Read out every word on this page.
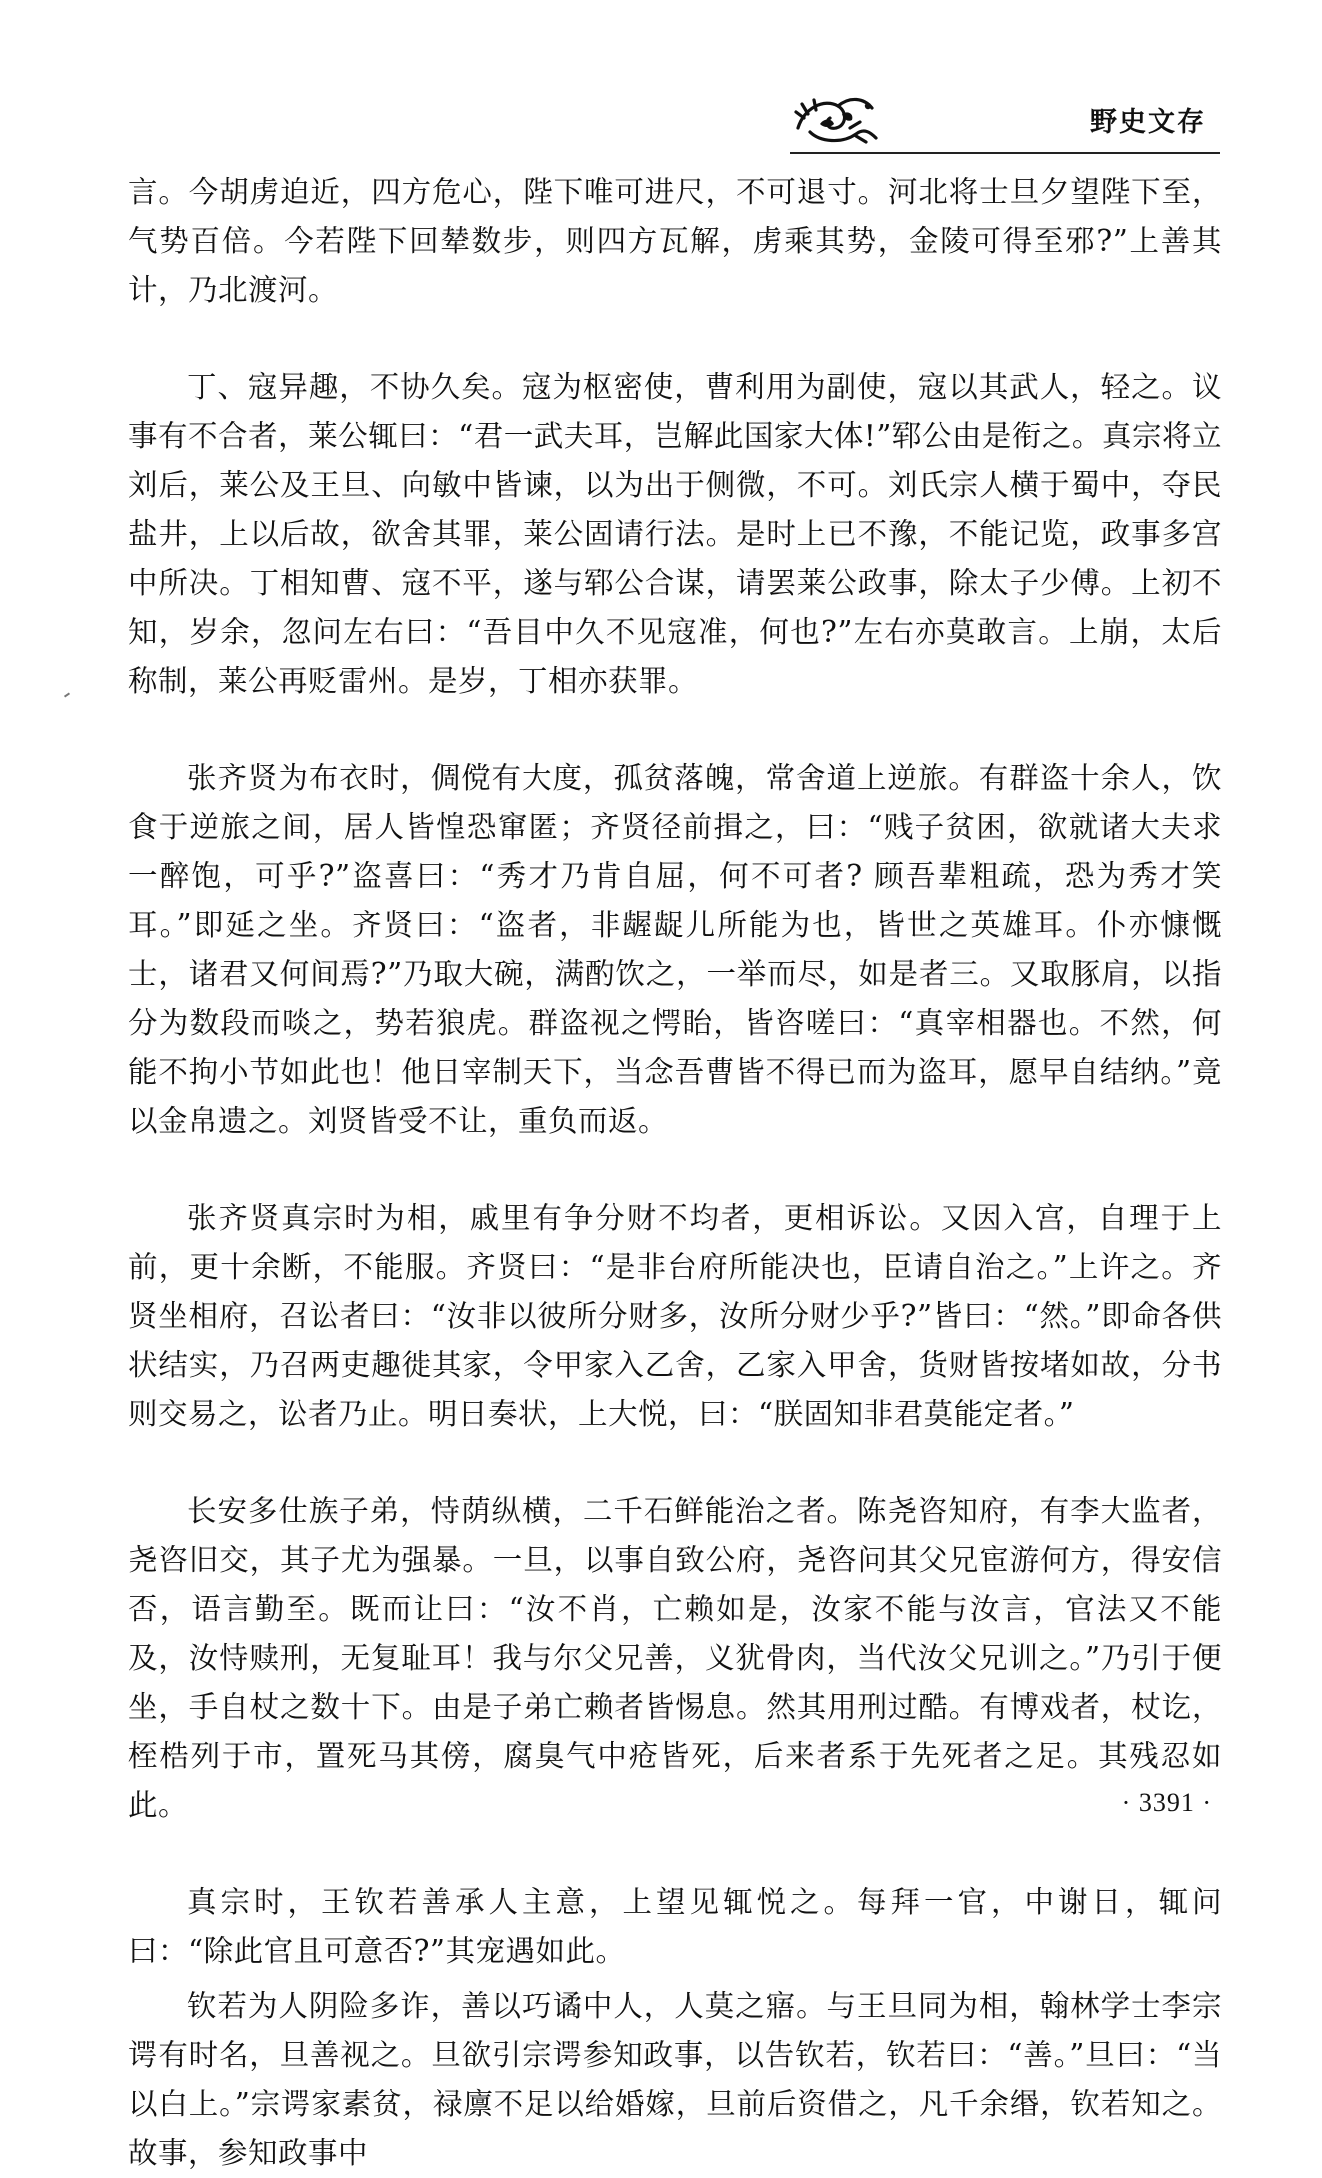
野史文存

言。今胡虏迫近，四方危心，陛下唯可进尺，不可退寸。河北将士旦夕望陛下至，气势百倍。今若陛下回辇数步，则四方瓦解，虏乘其势，金陵可得至邪?”上善其计，乃北渡河。

丁、寇异趣，不协久矣。寇为枢密使，曹利用为副使，寇以其武人，轻之。议事有不合者，莱公辄曰：“君一武夫耳，岂解此国家大体!”郓公由是衔之。真宗将立刘后，莱公及王旦、向敏中皆谏，以为出于侧微，不可。刘氏宗人横于蜀中，夺民盐井，上以后故，欲舍其罪，莱公固请行法。是时上已不豫，不能记览，政事多宫中所决。丁相知曹、寇不平，遂与郓公合谋，请罢莱公政事，除太子少傅。上初不知，岁余，忽问左右曰：“吾目中久不见寇准，何也?”左右亦莫敢言。上崩，太后称制，莱公再贬雷州。是岁，丁相亦获罪。

张齐贤为布衣时，倜傥有大度，孤贫落魄，常舍道上逆旅。有群盗十余人，饮食于逆旅之间，居人皆惶恐窜匿；齐贤径前揖之，曰：“贱子贫困，欲就诸大夫求一醉饱，可乎?”盗喜曰：“秀才乃肯自屈，何不可者? 顾吾辈粗疏，恐为秀才笑耳。”即延之坐。齐贤曰：“盗者，非龌龊儿所能为也，皆世之英雄耳。仆亦慷慨士，诸君又何间焉?”乃取大碗，满酌饮之，一举而尽，如是者三。又取豚肩，以指分为数段而啖之，势若狼虎。群盗视之愕眙，皆咨嗟曰：“真宰相器也。不然，何能不拘小节如此也！他日宰制天下，当念吾曹皆不得已而为盗耳，愿早自结纳。”竟以金帛遗之。刘贤皆受不让，重负而返。

张齐贤真宗时为相，戚里有争分财不均者，更相诉讼。又因入宫，自理于上前，更十余断，不能服。齐贤曰：“是非台府所能决也，臣请自治之。”上许之。齐贤坐相府，召讼者曰：“汝非以彼所分财多，汝所分财少乎?”皆曰：“然。”即命各供状结实，乃召两吏趣徙其家，令甲家入乙舍，乙家入甲舍，货财皆按堵如故，分书则交易之，讼者乃止。明日奏状，上大悦，曰：“朕固知非君莫能定者。”

长安多仕族子弟，恃荫纵横，二千石鲜能治之者。陈尧咨知府，有李大监者，尧咨旧交，其子尤为强暴。一旦，以事自致公府，尧咨问其父兄宦游何方，得安信否，语言勤至。既而让曰：“汝不肖，亡赖如是，汝家不能与汝言，官法又不能及，汝恃赎刑，无复耻耳！我与尔父兄善，义犹骨肉，当代汝父兄训之。”乃引于便坐，手自杖之数十下。由是子弟亡赖者皆惕息。然其用刑过酷。有博戏者，杖讫，桎梏列于市，置死马其傍，腐臭气中疮皆死，后来者系于先死者之足。其残忍如此。

真宗时，王钦若善承人主意，上望见辄悦之。每拜一官，中谢日，辄问曰：“除此官且可意否?”其宠遇如此。

钦若为人阴险多诈，善以巧谲中人，人莫之寤。与王旦同为相，翰林学士李宗谔有时名，旦善视之。旦欲引宗谔参知政事，以告钦若，钦若曰：“善。”旦曰：“当以白上。”宗谔家素贫，禄廪不足以给婚嫁，旦前后资借之，凡千余缗，钦若知之。故事，参知政事中

· 3391 ·
